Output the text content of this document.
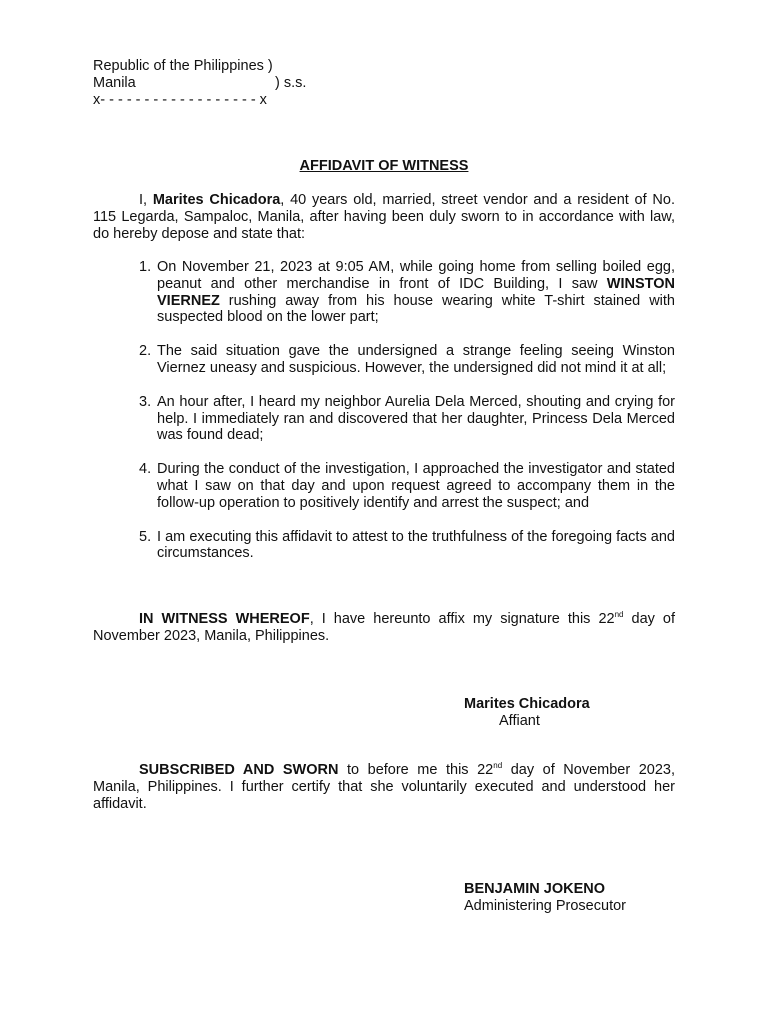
Republic of the Philippines )
Manila	) s.s.
x- - - - - - - - - - - - - - - - - - x
AFFIDAVIT OF WITNESS
I, Marites Chicadora, 40 years old, married, street vendor and a resident of No. 115 Legarda, Sampaloc, Manila, after having been duly sworn to in accordance with law, do hereby depose and state that:
1. On November 21, 2023 at 9:05 AM, while going home from selling boiled egg, peanut and other merchandise in front of IDC Building, I saw WINSTON VIERNEZ rushing away from his house wearing white T-shirt stained with suspected blood on the lower part;
2. The said situation gave the undersigned a strange feeling seeing Winston Viernez uneasy and suspicious. However, the undersigned did not mind it at all;
3. An hour after, I heard my neighbor Aurelia Dela Merced, shouting and crying for help. I immediately ran and discovered that her daughter, Princess Dela Merced was found dead;
4. During the conduct of the investigation, I approached the investigator and stated what I saw on that day and upon request agreed to accompany them in the follow-up operation to positively identify and arrest the suspect; and
5. I am executing this affidavit to attest to the truthfulness of the foregoing facts and circumstances.
IN WITNESS WHEREOF, I have hereunto affix my signature this 22nd day of November 2023, Manila, Philippines.
Marites Chicadora
Affiant
SUBSCRIBED AND SWORN to before me this 22nd day of November 2023, Manila, Philippines. I further certify that she voluntarily executed and understood her affidavit.
BENJAMIN JOKENO
Administering Prosecutor
